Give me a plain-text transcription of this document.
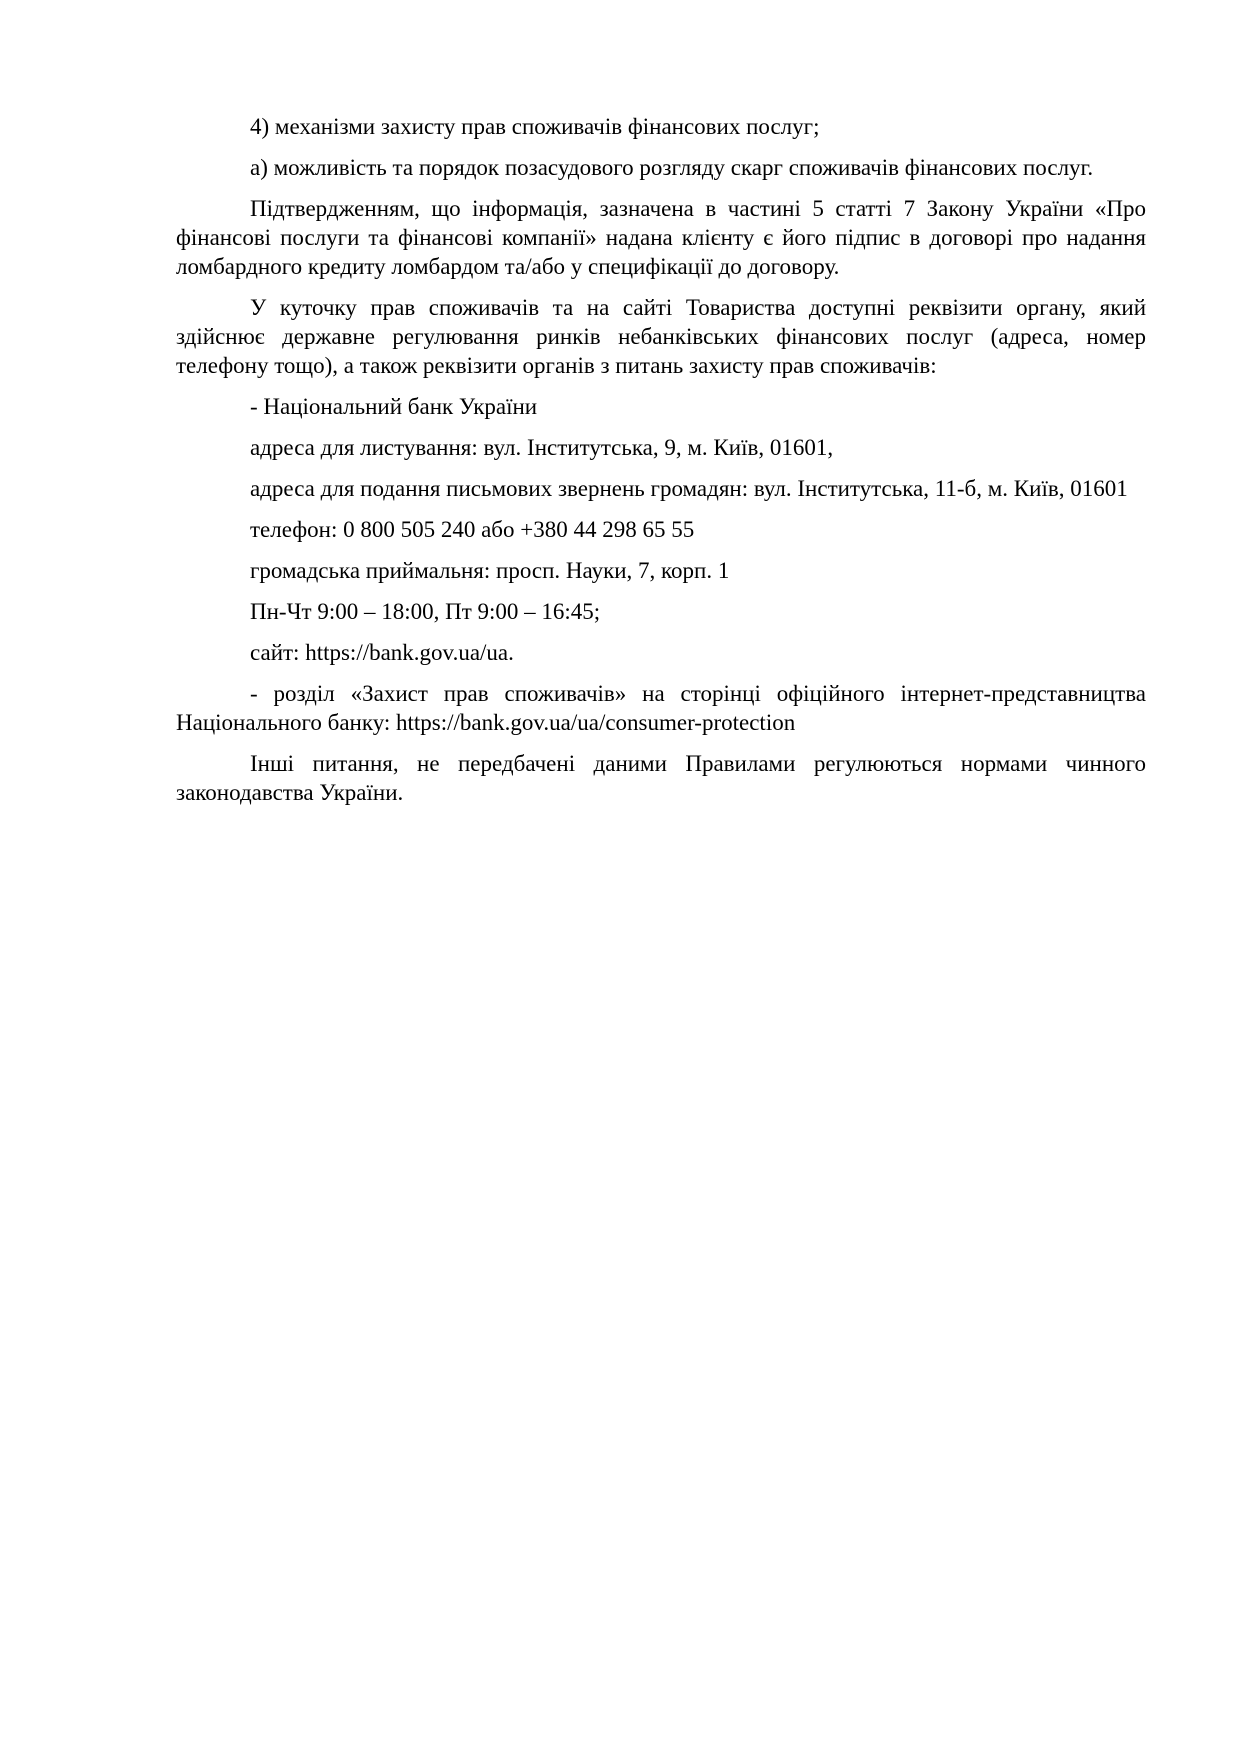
4) механізми захисту прав споживачів фінансових послуг;

а) можливість та порядок позасудового розгляду скарг споживачів фінансових послуг.

Підтвердженням, що інформація, зазначена в частині 5 статті 7 Закону України «Про фінансові послуги та фінансові компанії» надана клієнту є його підпис в договорі про надання ломбардного кредиту ломбардом та/або у специфікації до договору.

У куточку прав споживачів та на сайті Товариства доступні реквізити органу, який здійснює державне регулювання ринків небанківських фінансових послуг (адреса, номер телефону тощо), а також реквізити органів з питань захисту прав споживачів:

- Національний банк України

адреса для листування: вул. Інститутська, 9, м. Київ, 01601,

адреса для подання письмових звернень громадян: вул. Інститутська, 11-б, м. Київ, 01601

телефон: 0 800 505 240 або +380 44 298 65 55

громадська приймальня: просп. Науки, 7, корп. 1

Пн-Чт 9:00 – 18:00, Пт 9:00 – 16:45;

сайт: https://bank.gov.ua/ua.

- розділ «Захист прав споживачів» на сторінці офіційного інтернет-представництва Національного банку: https://bank.gov.ua/ua/consumer-protection

Інші питання, не передбачені даними Правилами регулюються нормами чинного законодавства України.
